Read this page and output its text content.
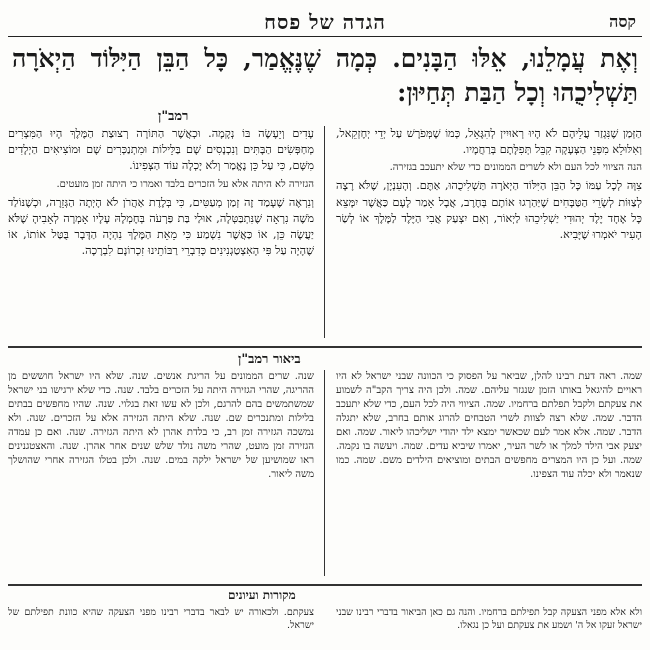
קסה
הגדה של פסח
וְאֶת עֲמָלֵנוּ, אֵלּוּ הַבָּנִים. כְּמָה שֶׁנֶּאֱמַר, כָּל הַבֵּן הַיִּלּוֹד הַיְאֹרָה תַּשְׁלִיכֻהוּ וְכָל הַבַּת תְּחַיּוּן:
רמב"ן

עָדִים וְיֵעָשֶׂה בּוֹ נְקָמָה. וּכְאֲשֶׁר הַתּוֹרָה רְצוּצַת הַמֶּלֶךְ הָיוּ הַמִּצְרִים מְחַפְּשִׂים הַבָּתִּים וְנִכְנָסִים שָׁם בַּלֵּילוֹת וּמִתְנַכְּרִים שָׁם וּמוֹצִיאִים הַיְלָדִים מִשָּׁם, כִּי עַל כֵּן נֶאֱמַר וְלֹא יָכְלָה עוֹד הַצְּפִינוֹ.

הגזירה לא היתה אלא על הזכרים בלבד ואמרו כי היתה זמן מועטים.

וְנִרְאֶה שֶׁעָמַד זֶה זְמַן מְעַטִּים, כִּי בְּלֶדֶת אַהֲרֹן לֹא הָיְתָה הַגְּזֵרָה, וּכְשֶׁנּוֹלַד מֹשֶׁה נִרְאָה שֶׁנִּתְבַּטְּלָה, אוּלַי בַּת פַּרְעֹה בְּחֶמְלָהּ עָלָיו אָמְרָה לְאָבִיהָ שֶׁלֹּא יַעֲשֶׂה כֵּן, אוֹ כַּאֲשֶׁר נִשְׁמַע כִּי מֵאֵת הַמֶּלֶךְ נִהְיָה הַדָּבָר בֻּטַּל אוֹתוֹ, אוֹ שֶׁהָיָה עַל פִּי הָאִצְטַגְנִינִים כְּדִבְרֵי רַבּוֹתֵינוּ זִכְרוֹנָם לִבְרָכָה.

הַזְּמַן שֶׁנִּגְזַר עֲלֵיהֶם לֹא הָיוּ רְאוּיִין לְהִגָּאֵל, כְּמוֹ שֶׁמְּפֹרָשׁ עַל יְדֵי יְחֶזְקֵאל, וְאִלּוּלֵא מִפְּנֵי הַצְּעָקָה קִבֵּל תְּפִלָּתָם בְּרַחֲמָיו.

הנה הציווי לכל העם ולא לשרים הממונים כדי שלא יתעכב בגזירה.

צִוָּה לְכָל עַמּוֹ כָּל הַבֵּן הַיִּלּוֹד הַיְאֹרָה תַּשְׁלִיכֻהוּ, אַתֶּם. וְהָעִנְיָן, שֶׁלֹּא רָצָה לְצַוּוֹת לְשָׂרֵי הַטַּבָּחִים שֶׁיַּהַרְגוּ אוֹתָם בְּחֶרֶב, אֲבָל אָמַר לָעָם כַּאֲשֶׁר יִמָּצֵא כָּל אֶחָד יֶלֶד יְהוּדִי יַשְׁלִיכֵהוּ לַיְאוֹר, וְאִם יִצְעַק אֲבִי הַיֶּלֶד לַמֶּלֶךְ אוֹ לְשַׂר הָעִיר יֹאמְרוּ שֶׁיָּבִיא.

ביאור רמב"ן

שנה. שרים הממונים על הריגת אנשים. שנה. שלא היו ישראל חוששים מן ההריגה, שהרי הגזירה היתה על הזכרים בלבד. שנה. כדי שלא ירגישו בני ישראל שמשתמשים בהם להרגם, ולכן לא עשו זאת בגלוי. שנה. שהיו מחפשים בבתים בלילות ומתנכרים שם. שנה. שלא היתה הגזירה אלא על הזכרים. שנה. ולא נמשכה הגזירה זמן רב, כי בלדת אהרן לא היתה הגזירה. שנה. ואם כן עמדה הגזירה זמן מועט, שהרי משה נולד שלש שנים אחר אהרן. שנה. והאצטגנינים ראו שמושיען של ישראל ילקה במים. שנה. ולכן בטלו הגזירה אחרי שהושלך משה ליאור.

שמה. ראה דעת רבינו להלן, שביאר על הפסוק כי הכוונה שבני ישראל לא היו ראויים להיגאל באותו הזמן שנגזר עליהם. שמה. ולכן היה צריך הקב"ה לשמוע את צעקתם ולקבל תפלתם ברחמיו. שמה. הציווי היה לכל העם, כדי שלא יתעכב הדבר. שמה. שלא רצה לצוות לשרי הטבחים להרוג אותם בחרב, שלא יתגלה הדבר. שמה. אלא אמר לעם שכאשר ימצא ילד יהודי ישליכהו ליאור. שמה. ואם יצעק אבי הילד למלך או לשר העיר, יאמרו שיביא עדים. שמה. ויעשה בו נקמה. שמה. ועל כן היו המצרים מחפשים הבתים ומוציאים הילדים משם. שמה. כמו שנאמר ולא יכלה עוד הצפינו.

מקורות ועיונים
צעקתם. ולכאורה יש לבאר בדברי רבינו מפני הצעקה שהיא כוונת תפילתם של ישראל.
ולא אלא מפני הצעקה קבל תפילתם ברחמיו. והנה גם כאן הביאור בדברי רבינו שבני ישראל זעקו אל ה' ושמע את צעקתם ועל כן נגאלו.
